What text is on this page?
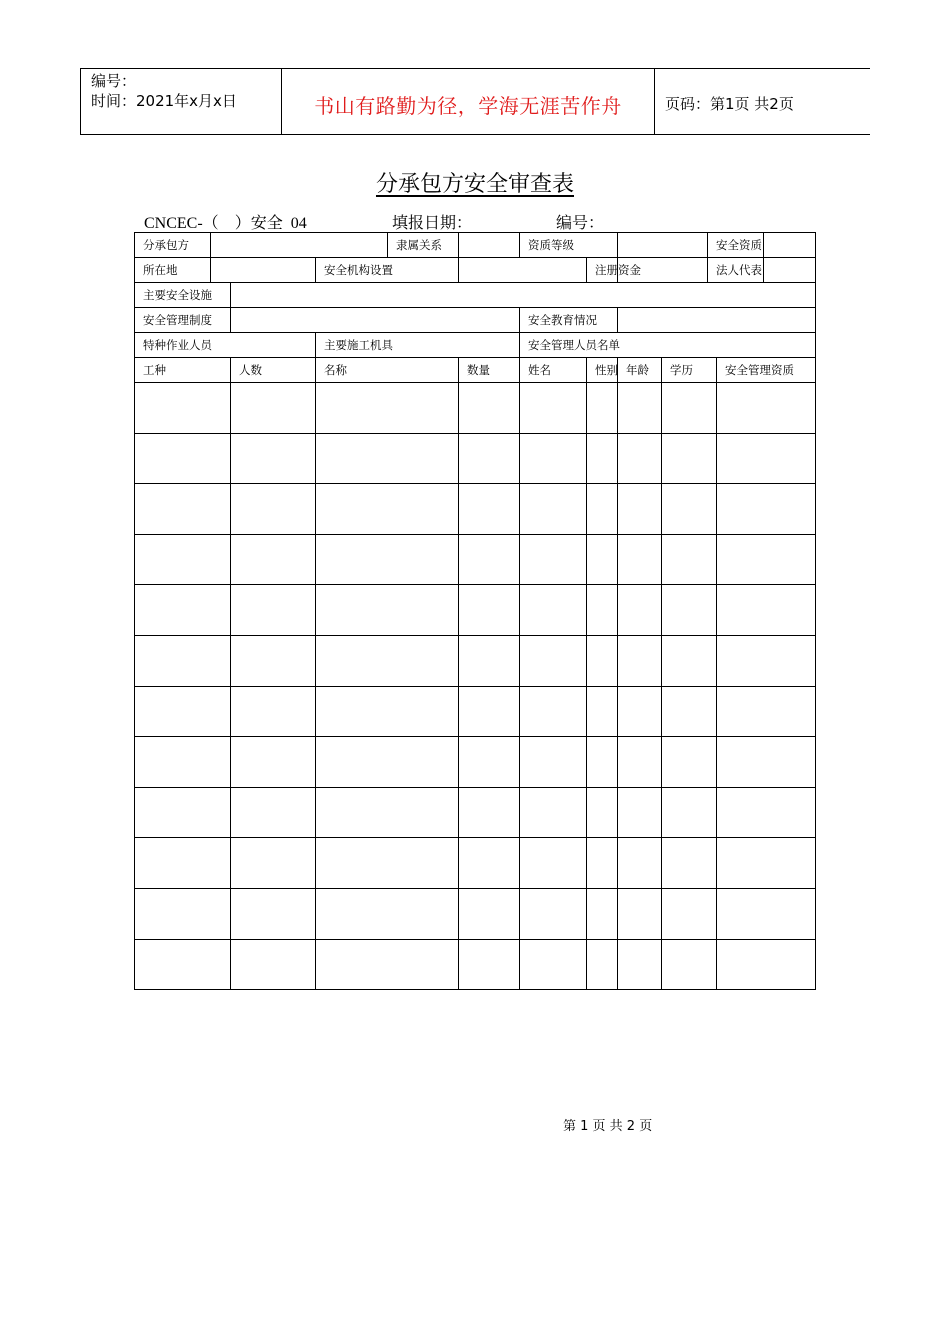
编号：
时间：2021年x月x日	书山有路勤为径，学海无涯苦作舟	页码：第1页 共2页
分承包方安全审查表
CNCEC-（ ）安全 04	填报日期：	编号：
分承包方				隶属关系		资质等级				安全资质		
所在地			安全机构设置				注册资金			法人代表		
主要安全设施												
安全管理制度						安全教育情况						
特种作业人员			主要施工机具			安全管理人员名单						
工种		人数	名称		数量	姓名	性别	年龄	学历		安全管理资质	

第 1 页 共 2 页
